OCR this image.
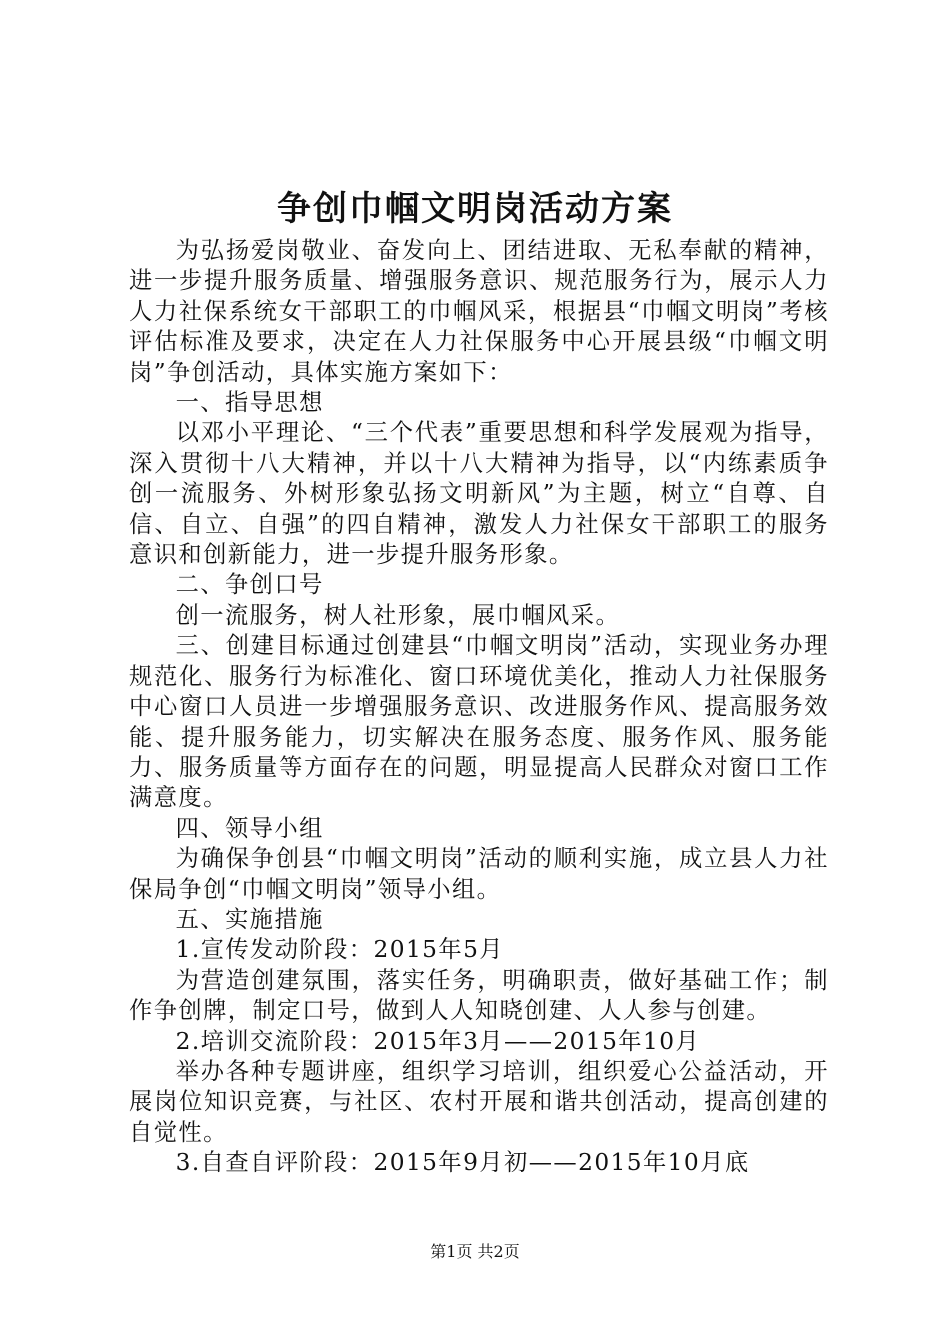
争创巾帼文明岗活动方案

为弘扬爱岗敬业、奋发向上、团结进取、无私奉献的精神，进一步提升服务质量、增强服务意识、规范服务行为，展示人力人力社保系统女干部职工的巾帼风采，根据县“巾帼文明岗”考核评估标准及要求，决定在人力社保服务中心开展县级“巾帼文明岗”争创活动，具体实施方案如下：

一、指导思想

以邓小平理论、“三个代表”重要思想和科学发展观为指导，深入贯彻十八大精神，并以十八大精神为指导，以“内练素质争创一流服务、外树形象弘扬文明新风”为主题，树立“自尊、自信、自立、自强”的四自精神，激发人力社保女干部职工的服务意识和创新能力，进一步提升服务形象。

二、争创口号

创一流服务，树人社形象，展巾帼风采。

三、创建目标通过创建县“巾帼文明岗”活动，实现业务办理规范化、服务行为标准化、窗口环境优美化，推动人力社保服务中心窗口人员进一步增强服务意识、改进服务作风、提高服务效能、提升服务能力，切实解决在服务态度、服务作风、服务能力、服务质量等方面存在的问题，明显提高人民群众对窗口工作满意度。

四、领导小组

为确保争创县“巾帼文明岗”活动的顺利实施，成立县人力社保局争创“巾帼文明岗”领导小组。

五、实施措施

1.宣传发动阶段：2015年5月

为营造创建氛围，落实任务，明确职责，做好基础工作；制作争创牌，制定口号，做到人人知晓创建、人人参与创建。

2.培训交流阶段：2015年3月——2015年10月

举办各种专题讲座，组织学习培训，组织爱心公益活动，开展岗位知识竞赛，与社区、农村开展和谐共创活动，提高创建的自觉性。

3.自查自评阶段：2015年9月初——2015年10月底

第1页 共2页
